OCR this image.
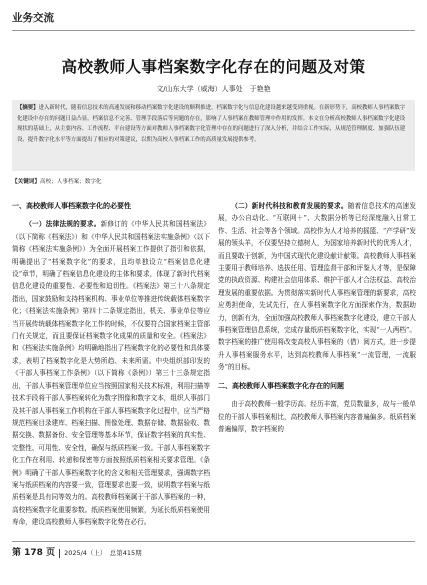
业务交流
高校教师人事档案数字化存在的问题及对策
文/山东大学（威海）人事处　于艳艳
【摘要】进入新时代，随着信息技术的高速发展和移动档案数字化建设的顺利推进，档案数字化与信息化建设越来越受到重视。在新形势下，高校教师人事档案数字化建设中存在的问题日益凸显，档案信息不完善、管理手段落后等问题的存在，影响了人事档案在教师管理中作用的发挥。本文在分析高校教师人事档案数字化建设现状的基础上，从主要内容、工作流程、平台建设等方面对教师人事档案数字化管理中存在的问题进行了深入分析，并结合工作实际，从规范管理制度、加强队伍建设、提升数字化水平等方面提出了相应的对策建议，以期为高校人事档案工作的高质量发展提供参考。
【关键词】高校；人事档案；数字化
一、高校教师人事档案数字化的必要性

（一）法律法规的要求。新修订的《中华人民共和国档案法》（以下简称《档案法》）和《中华人民共和国档案法实施条例》（以下简称《档案法实施条例》）为全面开展档案工作提供了指引和依据，明确提出了“档案数字化”的要求，且均单独设立“档案信息化建设”章节，明确了档案信息化建设的主体和要求，体现了新时代档案信息化建设的重要性、必要性和迫切性。《档案法》第三十八条规定指出，国家鼓励和支持档案机构、事业单位等推进传统载体档案数字化；《档案法实施条例》第四十二条规定指出，机关、事业单位等应当开展传统载体档案数字化工作的时候，不仅要符合国家档案主管部门有关规定，而且要保证档案数字化成果的质量和安全。《档案法》和《档案法实施条例》均明确地指出了档案数字化的必要性和具体要求，表明了档案数字化是大势所趋、未来所需。中央组织部印发的《干部人事档案工作条例》（以下简称《条例》）第三十三条规定指出，干部人事档案管理单位应当按照国家相关技术标准，利用扫描等技术手段将干部人事档案转化为数字图像和数字文本，组织人事部门及其干部人事档案工作机构在干部人事档案数字化过程中，应当严格规范档案目录建库、档案扫描、图像处理、数据存储、数据验收、数据交换、数据备份、安全管理等基本环节，保证数字档案的真实性、完整性、可用性、安全性，确保与纸质档案一致。干部人事档案数字化工作在利用、转递和保密等方面按照纸质档案相关要求管理。《条例》明确了干部人事档案数字化的含义和相关管理要求，强调数字档案与纸质档案的内容要一致，管理要求也要一致，说明数字档案与纸质档案是具有同等效力的。高校教师档案属于干部人事档案的一种，高校档案数字化重要参数。纸质档案使用频繁，为延长纸质档案使用寿命，建设高校教师人事档案数字化势在必行。

（二）新时代科技和教育发展的要求。随着信息技术的高速发展，办公自动化、“互联网＋”、大数据分析等已经深度融入日常工作、生活、社会等各个领域。高校作为人才培养的摇篮、“产学研”发展的领头羊，不仅要坚持立德树人，为国家培养新时代的优秀人才，而且要敢于创新，为中国式现代化建设献计献策。高校教师人事档案主要用于教师培养、选拔任用、管理监督干部和评鉴人才等，是保障党的执政资源、构建社会信用体系、维护干部人才合法权益、高校治理发展的重要依据。为贯彻落实新时代人事档案管理的新要求，高校应勇担使命，先试先行，在人事档案数字化方面探索作为，数据助力，创新有为，全面加强高校教师人事档案数字化建设，建立干部人事档案管理信息系统，完成存量纸质档案数字化，实现“一人两档”。数字档案的推广使用将改变高校人事档案的（借）阅方式，进一步提升人事档案服务水平，达到高校教师人事档案“一流管理，一流服务”的目标。

二、高校教师人事档案数字化存在的问题

由于高校教师一般学历高、经历丰富，党员数量多，故与一般单位的干部人事档案相比，高校教师人事档案内容普遍偏多。纸质档案普遍偏厚，数字档案的

第 178 页 2025/4（上）　 总第415期
